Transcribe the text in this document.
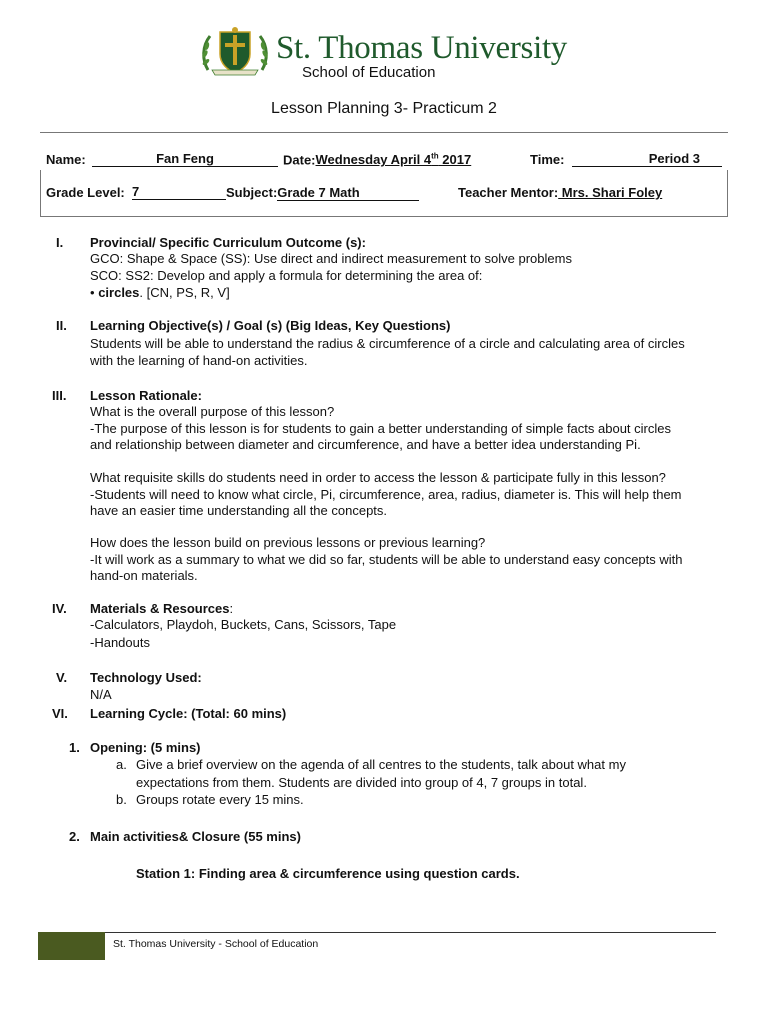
St. Thomas University
School of Education
Lesson Planning 3- Practicum 2
Name:	Fan Feng	Date:Wednesday April 4th 2017	Time:	Period 3
Grade Level: 7	Subject:Grade 7 Math	Teacher Mentor: Mrs. Shari Foley
I. Provincial/ Specific Curriculum Outcome (s):
GCO: Shape & Space (SS): Use direct and indirect measurement to solve problems
SCO: SS2: Develop and apply a formula for determining the area of:
• circles. [CN, PS, R, V]
II. Learning Objective(s) / Goal (s) (Big Ideas, Key Questions)
Students will be able to understand the radius & circumference of a circle and calculating area of circles
with the learning of hand-on activities.
III. Lesson Rationale:
What is the overall purpose of this lesson?
-The purpose of this lesson is for students to gain a better understanding of simple facts about circles
and relationship between diameter and circumference, and have a better idea understanding Pi.
What requisite skills do students need in order to access the lesson & participate fully in this lesson?
-Students will need to know what circle, Pi, circumference, area, radius, diameter is. This will help them
have an easier time understanding all the concepts.
How does the lesson build on previous lessons or previous learning?
-It will work as a summary to what we did so far, students will be able to understand easy concepts with
hand-on materials.
IV. Materials & Resources:
-Calculators, Playdoh, Buckets, Cans, Scissors, Tape
-Handouts
V. Technology Used:
N/A
VI. Learning Cycle: (Total: 60 mins)
1. Opening: (5 mins)
a. Give a brief overview on the agenda of all centres to the students, talk about what my
expectations from them. Students are divided into group of 4, 7 groups in total.
b. Groups rotate every 15 mins.
2. Main activities& Closure (55 mins)
Station 1: Finding area & circumference using question cards.
St. Thomas University - School of Education
